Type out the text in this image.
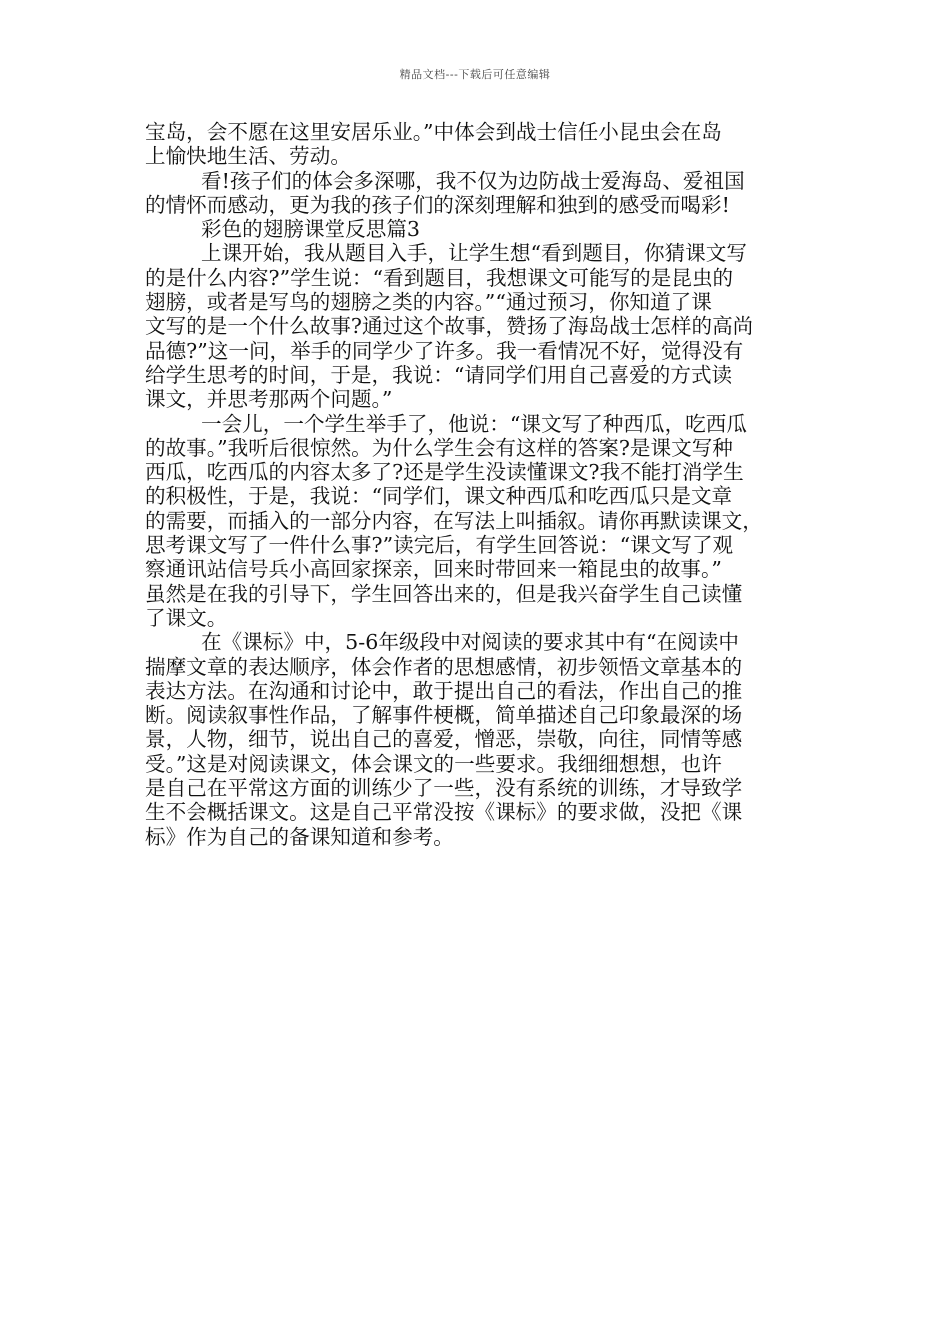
精品文档---下载后可任意编辑
宝岛，会不愿在这里安居乐业。”中体会到战士信任小昆虫会在岛
上愉快地生活、劳动。
看!孩子们的体会多深哪，我不仅为边防战士爱海岛、爱祖国
的情怀而感动，更为我的孩子们的深刻理解和独到的感受而喝彩!
彩色的翅膀课堂反思篇3
上课开始，我从题目入手，让学生想“看到题目，你猜课文写
的是什么内容?”学生说：“看到题目，我想课文可能写的是昆虫的
翅膀，或者是写鸟的翅膀之类的内容。”“通过预习，你知道了课
文写的是一个什么故事?通过这个故事，赞扬了海岛战士怎样的高尚
品德?”这一问，举手的同学少了许多。我一看情况不好，觉得没有
给学生思考的时间，于是，我说：“请同学们用自己喜爱的方式读
课文，并思考那两个问题。”
一会儿，一个学生举手了，他说：“课文写了种西瓜，吃西瓜
的故事。”我听后很惊然。为什么学生会有这样的答案?是课文写种
西瓜，吃西瓜的内容太多了?还是学生没读懂课文?我不能打消学生
的积极性，于是，我说：“同学们，课文种西瓜和吃西瓜只是文章
的需要，而插入的一部分内容，在写法上叫插叙。请你再默读课文，
思考课文写了一件什么事?”读完后，有学生回答说：“课文写了观
察通讯站信号兵小高回家探亲，回来时带回来一箱昆虫的故事。”
虽然是在我的引导下，学生回答出来的，但是我兴奋学生自己读懂
了课文。
在《课标》中，5-6年级段中对阅读的要求其中有“在阅读中
揣摩文章的表达顺序，体会作者的思想感情，初步领悟文章基本的
表达方法。在沟通和讨论中，敢于提出自己的看法，作出自己的推
断。阅读叙事性作品，了解事件梗概，简单描述自己印象最深的场
景，人物，细节，说出自己的喜爱，憎恶，崇敬，向往，同情等感
受。”这是对阅读课文，体会课文的一些要求。我细细想想，也许
是自己在平常这方面的训练少了一些，没有系统的训练，才导致学
生不会概括课文。这是自己平常没按《课标》的要求做，没把《课
标》作为自己的备课知道和参考。
